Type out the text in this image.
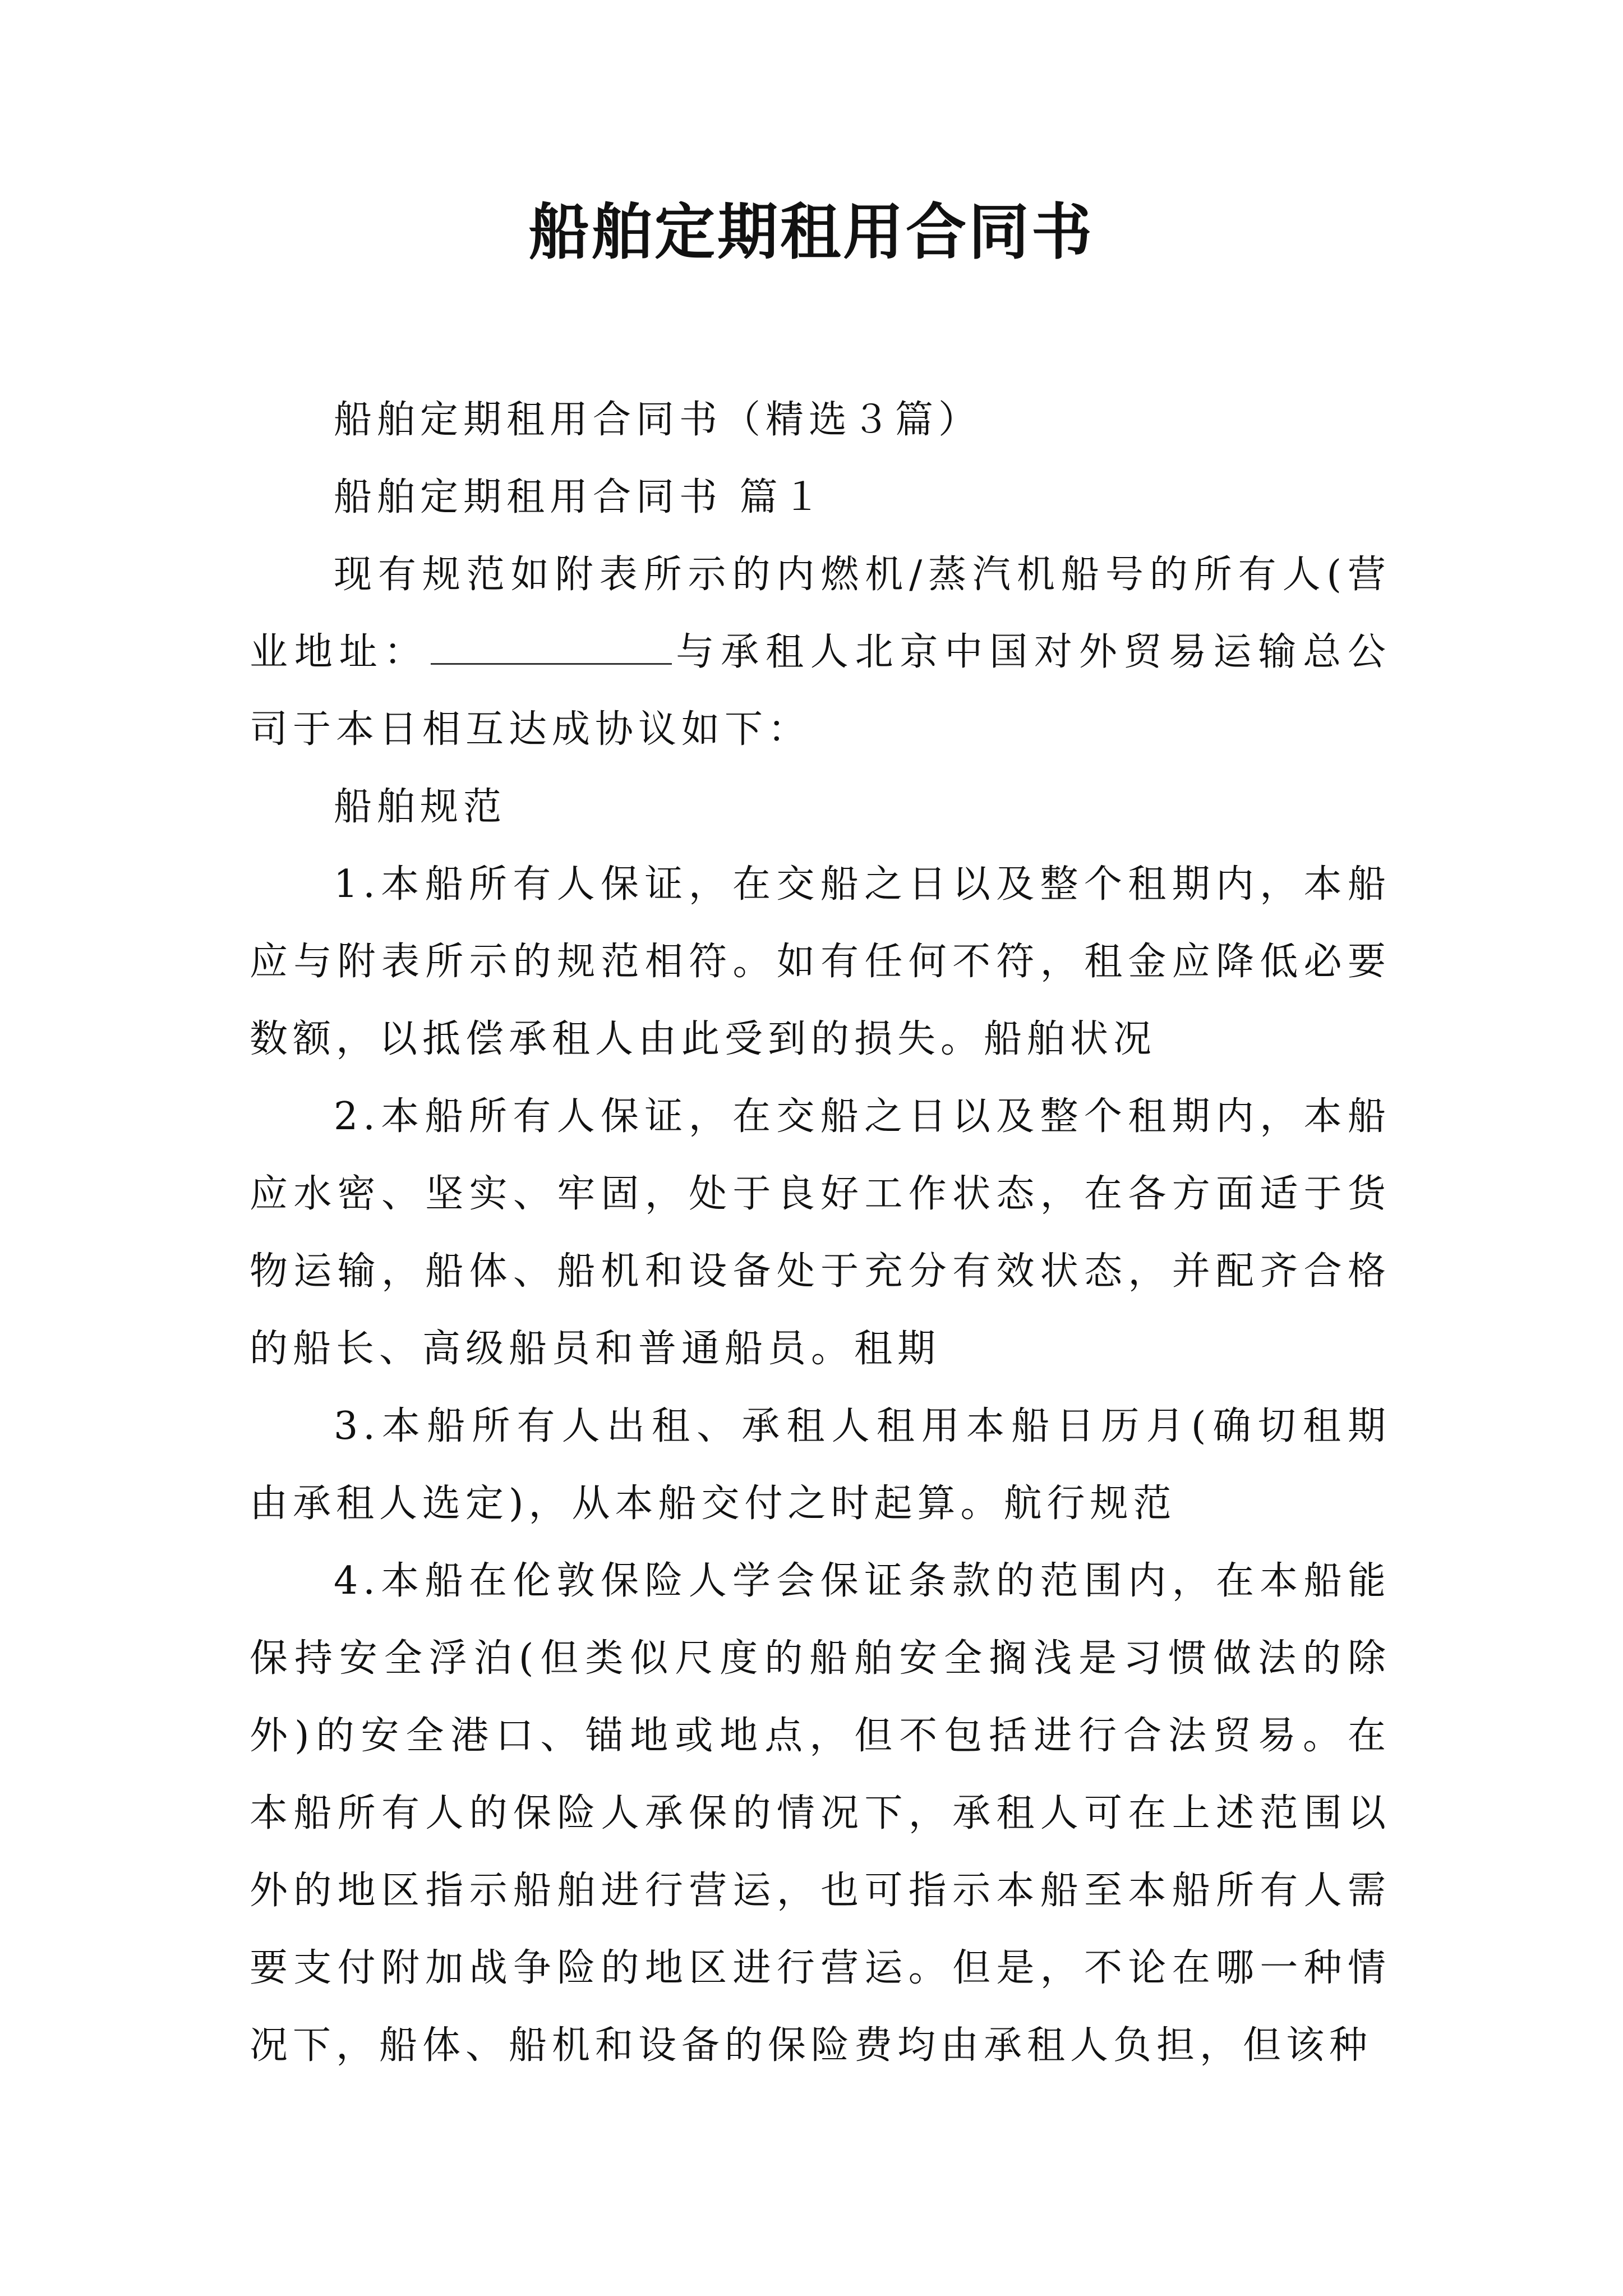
船舶定期租用合同书

船舶定期租用合同书（精选３篇）

船舶定期租用合同书 篇１

现有规范如附表所示的内燃机/蒸汽机船号的所有人(营业地址：	与承租人北京中国对外贸易运输总公司于本日相互达成协议如下：

船舶规范

1.本船所有人保证，在交船之日以及整个租期内，本船应与附表所示的规范相符。如有任何不符，租金应降低必要数额，以抵偿承租人由此受到的损失。船舶状况

2.本船所有人保证，在交船之日以及整个租期内，本船应水密、坚实、牢固，处于良好工作状态，在各方面适于货物运输，船体、船机和设备处于充分有效状态，并配齐合格的船长、高级船员和普通船员。租期

3.本船所有人出租、承租人租用本船日历月(确切租期由承租人选定)，从本船交付之时起算。航行规范

4.本船在伦敦保险人学会保证条款的范围内，在本船能保持安全浮泊(但类似尺度的船舶安全搁浅是习惯做法的除外)的安全港口、锚地或地点，但不包括进行合法贸易。在本船所有人的保险人承保的情况下，承租人可在上述范围以外的地区指示船舶进行营运，也可指示本船至本船所有人需要支付附加战争险的地区进行营运。但是，不论在哪一种情况下，船体、船机和设备的保险费均由承租人负担，但该种
